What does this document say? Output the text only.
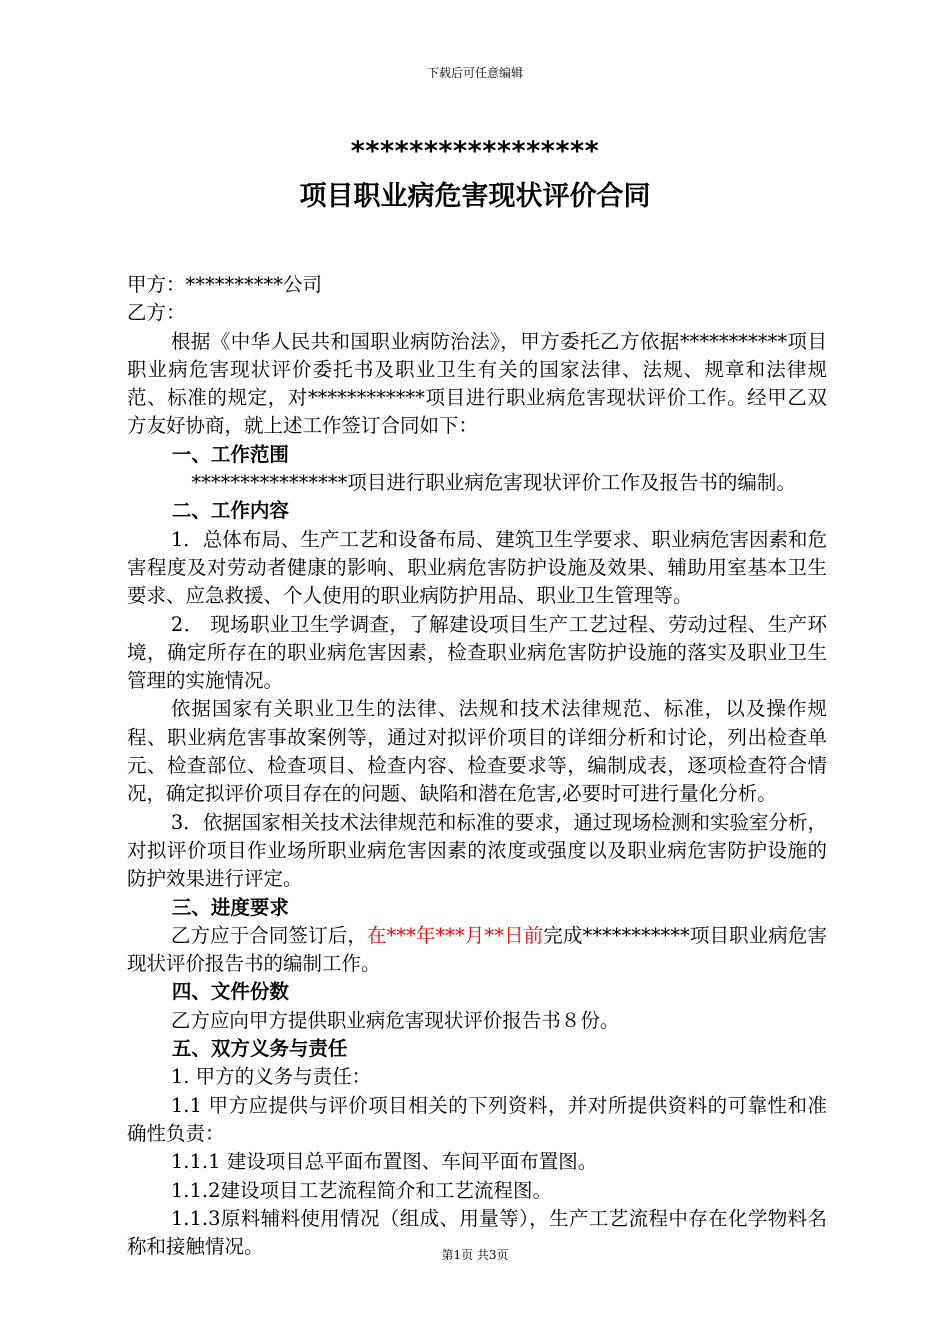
下载后可任意编辑
*****************
项目职业病危害现状评价合同

甲方：**********公司

乙方：

根据《中华人民共和国职业病防治法》，甲方委托乙方依据***********项目职业病危害现状评价委托书及职业卫生有关的国家法律、法规、规章和法律规范、标准的规定，对************项目进行职业病危害现状评价工作。经甲乙双方友好协商，就上述工作签订合同如下：

一、工作范围

****************项目进行职业病危害现状评价工作及报告书的编制。

二、工作内容

1．总体布局、生产工艺和设备布局、建筑卫生学要求、职业病危害因素和危害程度及对劳动者健康的影响、职业病危害防护设施及效果、辅助用室基本卫生要求、应急救援、个人使用的职业病防护用品、职业卫生管理等。

2． 现场职业卫生学调查，了解建设项目生产工艺过程、劳动过程、生产环境，确定所存在的职业病危害因素，检查职业病危害防护设施的落实及职业卫生管理的实施情况。

依据国家有关职业卫生的法律、法规和技术法律规范、标准，以及操作规程、职业病危害事故案例等，通过对拟评价项目的详细分析和讨论，列出检查单元、检查部位、检查项目、检查内容、检查要求等，编制成表，逐项检查符合情况，确定拟评价项目存在的问题、缺陷和潜在危害,必要时可进行量化分析。

3．依据国家相关技术法律规范和标准的要求，通过现场检测和实验室分析，对拟评价项目作业场所职业病危害因素的浓度或强度以及职业病危害防护设施的防护效果进行评定。

三、进度要求

乙方应于合同签订后，在***年***月**日前完成***********项目职业病危害现状评价报告书的编制工作。

四、文件份数

乙方应向甲方提供职业病危害现状评价报告书８份。

五、双方义务与责任

1. 甲方的义务与责任：

1.1 甲方应提供与评价项目相关的下列资料，并对所提供资料的可靠性和准确性负责：

1.1.1 建设项目总平面布置图、车间平面布置图。

1.1.2建设项目工艺流程简介和工艺流程图。

1.1.3原料辅料使用情况（组成、用量等），生产工艺流程中存在化学物料名称和接触情况。	第1页 共3页
